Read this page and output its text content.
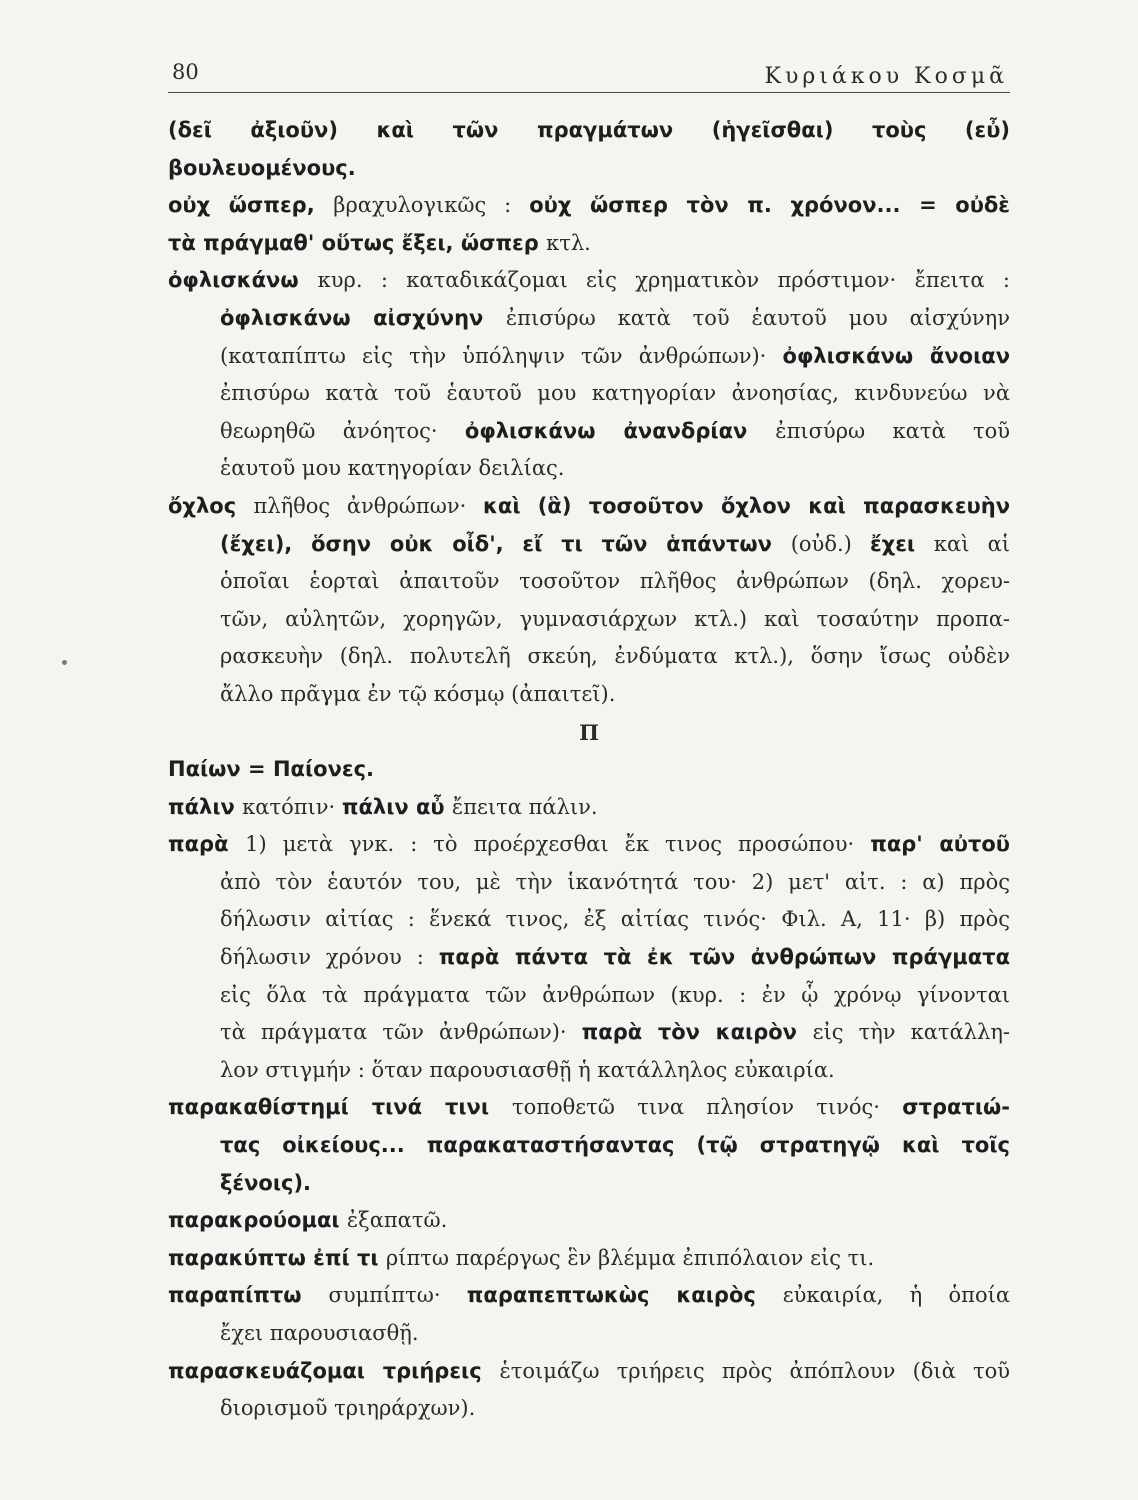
80	Κυριάκου Κοσμᾶ
(δεῖ ἀξιοῦν) καὶ τῶν πραγμάτων (ἡγεῖσθαι) τοὺς (εὖ)
βουλευομένους.
οὐχ ὥσπερ, βραχυλογικῶς : οὐχ ὥσπερ τὸν π. χρόνον... = οὐδὲ
τὰ πράγμαθ' οὕτως ἔξει, ὥσπερ κτλ.
ὀφλισκάνω κυρ. : καταδικάζομαι εἰς χρηματικὸν πρόστιμον· ἔπειτα :
ὀφλισκάνω αἰσχύνην ἐπισύρω κατὰ τοῦ ἑαυτοῦ μου αἰσχύνην
(καταπίπτω εἰς τὴν ὑπόληψιν τῶν ἀνθρώπων)· ὀφλισκάνω ἄνοιαν
ἐπισύρω κατὰ τοῦ ἑαυτοῦ μου κατηγορίαν ἀνοησίας, κινδυνεύω νὰ
θεωρηθῶ ἀνόητος· ὀφλισκάνω ἀνανδρίαν ἐπισύρω κατὰ τοῦ
ἑαυτοῦ μου κατηγορίαν δειλίας.
ὄχλος πλῆθος ἀνθρώπων· καὶ (ἃ) τοσοῦτον ὄχλον καὶ παρασκευὴν
(ἔχει), ὅσην οὐκ οἶδ', εἴ τι τῶν ἁπάντων (οὐδ.) ἔχει καὶ αἱ
ὁποῖαι ἑορταὶ ἀπαιτοῦν τοσοῦτον πλῆθος ἀνθρώπων (δηλ. χορευ-
τῶν, αὐλητῶν, χορηγῶν, γυμνασιάρχων κτλ.) καὶ τοσαύτην προπα-
ρασκευὴν (δηλ. πολυτελῆ σκεύη, ἐνδύματα κτλ.), ὅσην ἴσως οὐδὲν
ἄλλο πρᾶγμα ἐν τῷ κόσμῳ (ἀπαιτεῖ).
Π
Παίων = Παίονες.
πάλιν κατόπιν· πάλιν αὖ ἔπειτα πάλιν.
παρὰ 1) μετὰ γνκ. : τὸ προέρχεσθαι ἔκ τινος προσώπου· παρ' αὐτοῦ
ἀπὸ τὸν ἑαυτόν του, μὲ τὴν ἱκανότητά του· 2) μετ' αἰτ. : α) πρὸς
δήλωσιν αἰτίας : ἕνεκά τινος, ἐξ αἰτίας τινός· Φιλ. Α, 11· β) πρὸς
δήλωσιν χρόνου : παρὰ πάντα τὰ ἐκ τῶν ἀνθρώπων πράγματα
εἰς ὅλα τὰ πράγματα τῶν ἀνθρώπων (κυρ. : ἐν ᾧ χρόνῳ γίνονται
τὰ πράγματα τῶν ἀνθρώπων)· παρὰ τὸν καιρὸν εἰς τὴν κατάλλη-
λον στιγμήν : ὅταν παρουσιασθῇ ἡ κατάλληλος εὐκαιρία.
παρακαθίστημί τινά τινι τοποθετῶ τινα πλησίον τινός· στρατιώ-
τας οἰκείους... παρακαταστήσαντας (τῷ στρατηγῷ καὶ τοῖς
ξένοις).
παρακρούομαι ἐξαπατῶ.
παρακύπτω ἐπί τι ρίπτω παρέργως ἓν βλέμμα ἐπιπόλαιον εἰς τι.
παραπίπτω συμπίπτω· παραπεπτωκὼς καιρὸς εὐκαιρία, ἡ ὁποία
ἔχει παρουσιασθῇ.
παρασκευάζομαι τριήρεις ἑτοιμάζω τριήρεις πρὸς ἀπόπλουν (διὰ τοῦ
διορισμοῦ τριηράρχων).
